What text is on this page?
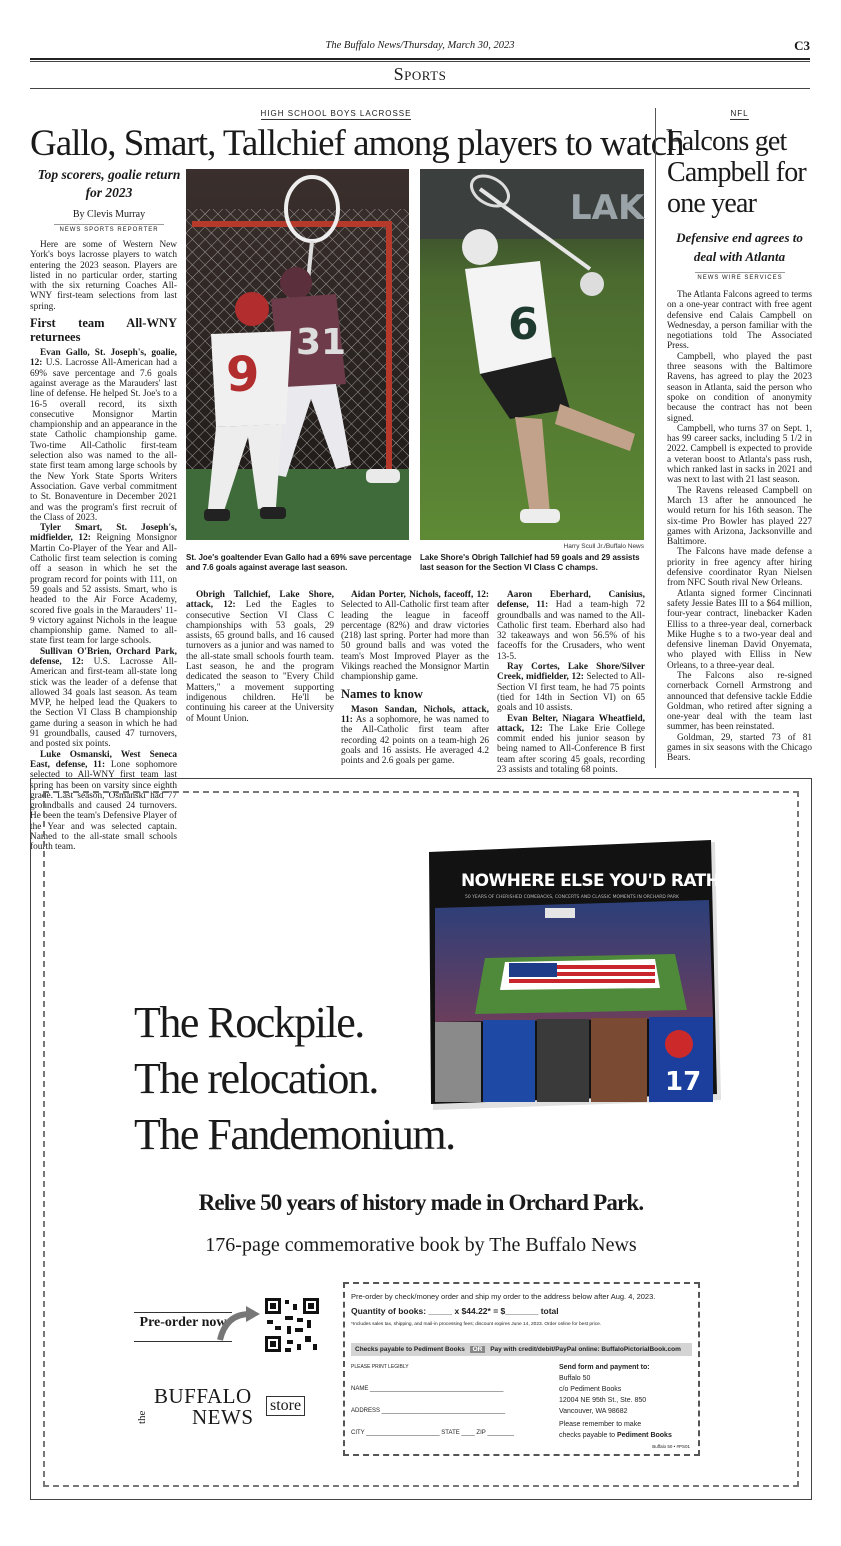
The Buffalo News/Thursday, March 30, 2023	C3
Sports
HIGH SCHOOL BOYS LACROSSE
Gallo, Smart, Tallchief among players to watch
Top scorers, goalie return for 2023
By Clevis Murray
NEWS SPORTS REPORTER
31
9
LAK
6
Harry Scull Jr./Buffalo News
St. Joe's goaltender Evan Gallo had a 69% save percentage and 7.6 goals against average last season.
Lake Shore's Obrigh Tallchief had 59 goals and 29 assists last season for the Section VI Class C champs.

Here are some of Western New York's boys lacrosse players to watch entering the 2023 season. Players are listed in no particular order, starting with the six returning Coaches All-WNY first-team selections from last spring.

First team All-WNY returnees

Evan Gallo, St. Joseph's, goalie, 12: U.S. Lacrosse All-American had a 69% save percentage and 7.6 goals against average as the Marauders' last line of defense. He helped St. Joe's to a 16-5 overall record, its sixth consecutive Monsignor Martin championship and an appearance in the state Catholic championship game. Two-time All-Catholic first-team selection also was named to the all-state first team among large schools by the New York State Sports Writers Association. Gave verbal commitment to St. Bonaventure in December 2021 and was the program's first recruit of the Class of 2023.

Tyler Smart, St. Joseph's, midfielder, 12: Reigning Monsignor Martin Co-Player of the Year and All-Catholic first team selection is coming off a season in which he set the program record for points with 111, on 59 goals and 52 assists. Smart, who is headed to the Air Force Academy, scored five goals in the Marauders' 11-9 victory against Nichols in the league championship game. Named to all-state first team for large schools.

Sullivan O'Brien, Orchard Park, defense, 12: U.S. Lacrosse All-American and first-team all-state long stick was the leader of a defense that allowed 34 goals last season. As team MVP, he helped lead the Quakers to the Section VI Class B championship game during a season in which he had 91 groundballs, caused 47 turnovers, and posted six points.

Luke Osmanski, West Seneca East, defense, 11: Lone sophomore selected to All-WNY first team last spring has been on varsity since eighth grade. Last season, Osmanski had 77 groundballs and caused 24 turnovers. He been the team's Defensive Player of the Year and was selected captain. Named to the all-state small schools fourth team.

Obrigh Tallchief, Lake Shore, attack, 12: Led the Eagles to consecutive Section VI Class C championships with 53 goals, 29 assists, 65 ground balls, and 16 caused turnovers as a junior and was named to the all-state small schools fourth team. Last season, he and the program dedicated the season to "Every Child Matters," a movement supporting indigenous children. He'll be continuing his career at the University of Mount Union.

Aidan Porter, Nichols, faceoff, 12: Selected to All-Catholic first team after leading the league in faceoff percentage (82%) and draw victories (218) last spring. Porter had more than 50 ground balls and was voted the team's Most Improved Player as the Vikings reached the Monsignor Martin championship game.

Names to know

Mason Sandan, Nichols, attack, 11: As a sophomore, he was named to the All-Catholic first team after recording 42 points on a team-high 26 goals and 16 assists. He averaged 4.2 points and 2.6 goals per game.

Aaron Eberhard, Canisius, defense, 11: Had a team-high 72 groundballs and was named to the All-Catholic first team. Eberhard also had 32 takeaways and won 56.5% of his faceoffs for the Crusaders, who went 13-5.

Ray Cortes, Lake Shore/Silver Creek, midfielder, 12: Selected to All-Section VI first team, he had 75 points (tied for 14th in Section VI) on 65 goals and 10 assists.

Evan Belter, Niagara Wheatfield, attack, 12: The Lake Erie College commit ended his junior season by being named to All-Conference B first team after scoring 45 goals, recording 23 assists and totaling 68 points.

NFL
Falcons get Campbell for one year
Defensive end agrees to deal with Atlanta
NEWS WIRE SERVICES

The Atlanta Falcons agreed to terms on a one-year contract with free agent defensive end Calais Campbell on Wednesday, a person familiar with the negotiations told The Associated Press.

Campbell, who played the past three seasons with the Baltimore Ravens, has agreed to play the 2023 season in Atlanta, said the person who spoke on condition of anonymity because the contract has not been signed.

Campbell, who turns 37 on Sept. 1, has 99 career sacks, including 5 1/2 in 2022. Campbell is expected to provide a veteran boost to Atlanta's pass rush, which ranked last in sacks in 2021 and was next to last with 21 last season.

The Ravens released Campbell on March 13 after he announced he would return for his 16th season. The six-time Pro Bowler has played 227 games with Arizona, Jacksonville and Baltimore.

The Falcons have made defense a priority in free agency after hiring defensive coordinator Ryan Nielsen from NFC South rival New Orleans.

Atlanta signed former Cincinnati safety Jessie Bates III to a $64 million, four-year contract, linebacker Kaden Elliss to a three-year deal, cornerback Mike Hughe s to a two-year deal and defensive lineman David Onyemata, who played with Elliss in New Orleans, to a three-year deal.

The Falcons also re-signed cornerback Cornell Armstrong and announced that defensive tackle Eddie Goldman, who retired after signing a one-year deal with the team last summer, has been reinstated.

Goldman, 29, started 73 of 81 games in six seasons with the Chicago Bears.

NOWHERE ELSE YOU'D RATHER BE
50 YEARS OF CHERISHED COMEBACKS, CONCERTS AND CLASSIC MOMENTS IN ORCHARD PARK
17
The Rockpile.
The relocation.
The Fandemonium.
Relive 50 years of history made in Orchard Park.
176-page commemorative book by The Buffalo News
Pre-order now
the
BUFFALO
NEWS store
Pre-order by check/money order and ship my order to the address below after Aug. 4, 2023.
Quantity of books: _____ x $44.22* = $_______ total
*Includes sales tax, shipping, and mail-in processing fees; discount expires June 14, 2023. Order online for best price.
Checks payable to Pediment Books OR Pay with credit/debit/PayPal online: BuffaloPictorialBook.com
PLEASE PRINT LEGIBLY
NAME ________________________________________
ADDRESS _____________________________________
CITY ______________________ STATE ____ ZIP ________
Send form and payment to:
Buffalo 50
c/o Pediment Books
12004 NE 95th St., Ste. 850
Vancouver, WA 98682
Please remember to make
checks payable to Pediment Books
Buffalo 50 • #PS01
